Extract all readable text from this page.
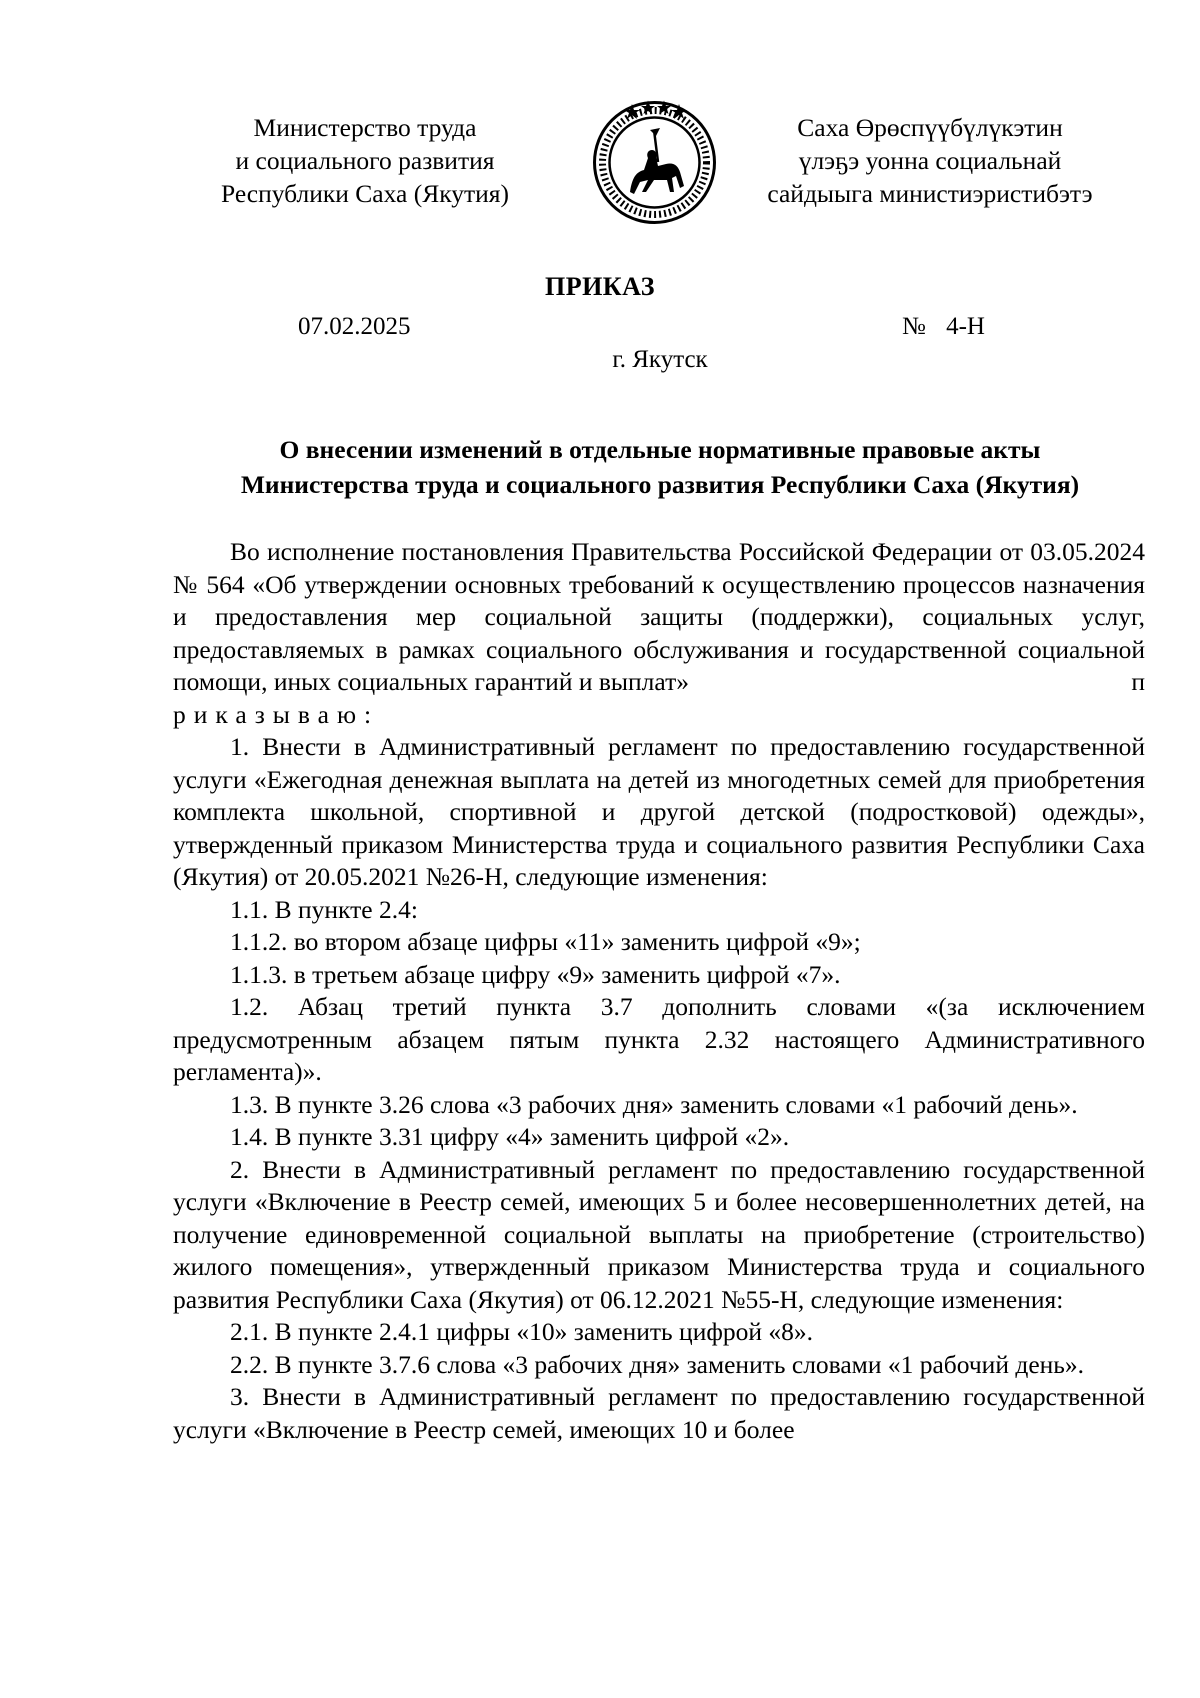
Министерство труда
и социального развития
Республики Саха (Якутия)
Саха Өрөспүүбүлүкэтин
үлэҕэ уонна социальнай
сайдыыга министиэристибэтэ
ПРИКАЗ
07.02.2025	№ 4-Н
г. Якутск
О внесении изменений в отдельные нормативные правовые акты
Министерства труда и социального развития Республики Саха (Якутия)

Во исполнение постановления Правительства Российской Федерации от 03.05.2024 № 564 «Об утверждении основных требований к осуществлению процессов назначения и предоставления мер социальной защиты (поддержки), социальных услуг, предоставляемых в рамках социального обслуживания и государственной социальной помощи, иных социальных гарантий и выплат»	п

риказываю:

1. Внести в Административный регламент по предоставлению государственной услуги «Ежегодная денежная выплата на детей из многодетных семей для приобретения комплекта школьной, спортивной и другой детской (подростковой) одежды», утвержденный приказом Министерства труда и социального развития Республики Саха (Якутия) от 20.05.2021 №26-Н, следующие изменения:

1.1. В пункте 2.4:

1.1.2. во втором абзаце цифры «11» заменить цифрой «9»;

1.1.3. в третьем абзаце цифру «9» заменить цифрой «7».

1.2. Абзац третий пункта 3.7 дополнить словами «(за исключением предусмотренным абзацем пятым пункта 2.32 настоящего Административного регламента)».

1.3. В пункте 3.26 слова «3 рабочих дня» заменить словами «1 рабочий день».

1.4. В пункте 3.31 цифру «4» заменить цифрой «2».

2. Внести в Административный регламент по предоставлению государственной услуги «Включение в Реестр семей, имеющих 5 и более несовершеннолетних детей, на получение единовременной социальной выплаты на приобретение (строительство) жилого помещения», утвержденный приказом Министерства труда и социального развития Республики Саха (Якутия) от 06.12.2021 №55-Н, следующие изменения:

2.1. В пункте 2.4.1 цифры «10» заменить цифрой «8».

2.2. В пункте 3.7.6 слова «3 рабочих дня» заменить словами «1 рабочий день».

3. Внести в Административный регламент по предоставлению государственной услуги «Включение в Реестр семей, имеющих 10 и более
